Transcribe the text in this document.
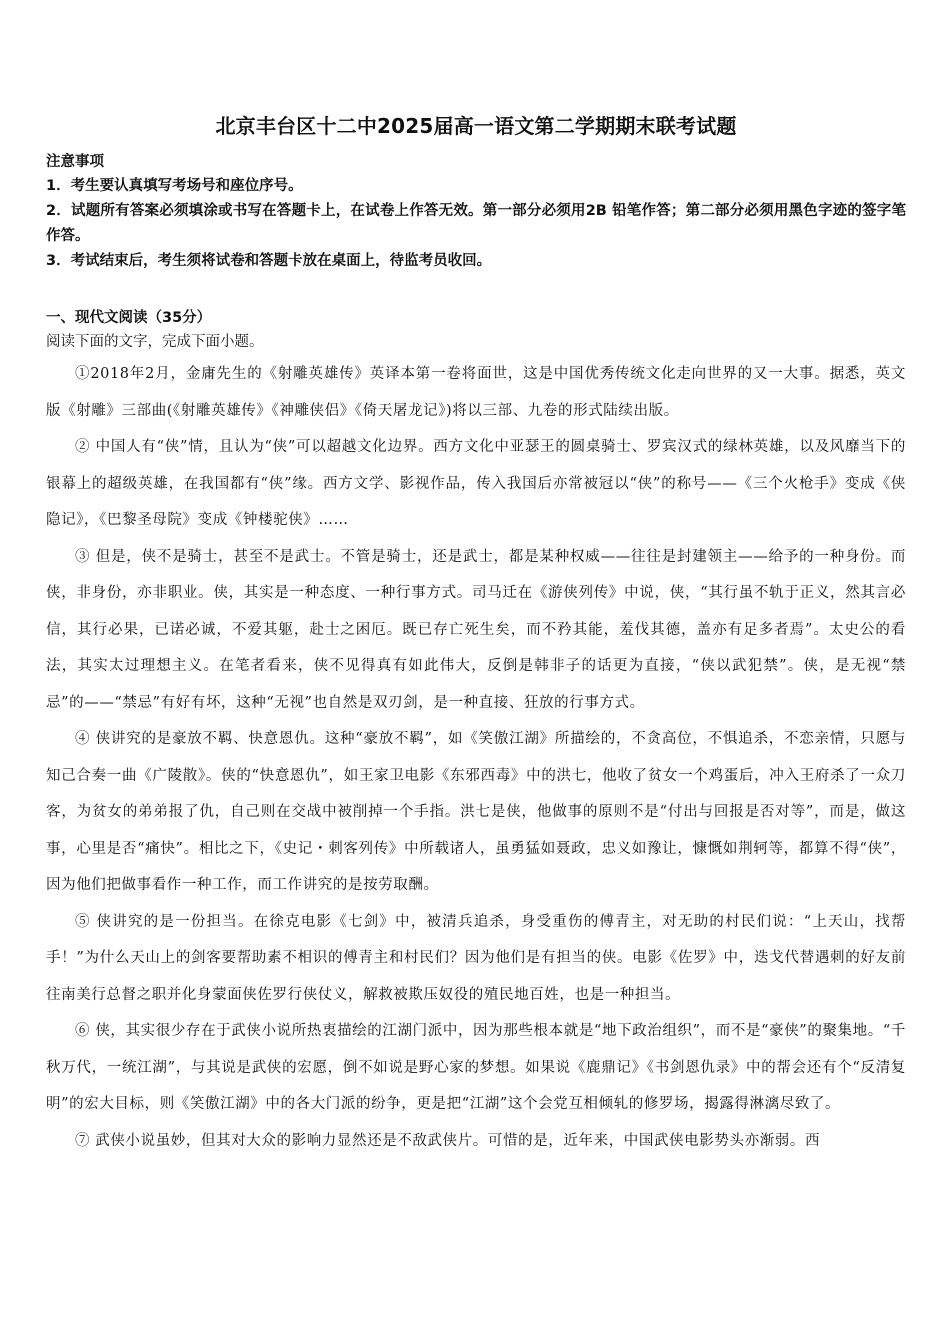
北京丰台区十二中2025届高一语文第二学期期末联考试题

注意事项

1．考生要认真填写考场号和座位序号。

2．试题所有答案必须填涂或书写在答题卡上，在试卷上作答无效。第一部分必须用2B 铅笔作答；第二部分必须用黑色字迹的签字笔作答。

3．考试结束后，考生须将试卷和答题卡放在桌面上，待监考员收回。

一、现代文阅读（35分）

阅读下面的文字，完成下面小题。

①2018年2月，金庸先生的《射雕英雄传》英译本第一卷将面世，这是中国优秀传统文化走向世界的又一大事。据悉，英文版《射雕》三部曲(《射雕英雄传》《神雕侠侣》《倚天屠龙记》)将以三部、九卷的形式陆续出版。

② 中国人有“侠”情，且认为“侠”可以超越文化边界。西方文化中亚瑟王的圆桌骑士、罗宾汉式的绿林英雄，以及风靡当下的银幕上的超级英雄，在我国都有“侠”缘。西方文学、影视作品，传入我国后亦常被冠以“侠”的称号——《三个火枪手》变成《侠隐记》，《巴黎圣母院》变成《钟楼驼侠》……

③ 但是，侠不是骑士，甚至不是武士。不管是骑士，还是武士，都是某种权威——往往是封建领主——给予的一种身份。而侠，非身份，亦非职业。侠，其实是一种态度、一种行事方式。司马迁在《游侠列传》中说，侠，“其行虽不轨于正义，然其言必信，其行必果，已诺必诚，不爱其躯，赴士之困厄。既已存亡死生矣，而不矜其能，羞伐其德，盖亦有足多者焉”。太史公的看法，其实太过理想主义。在笔者看来，侠不见得真有如此伟大，反倒是韩非子的话更为直接，“侠以武犯禁”。侠，是无视“禁忌”的——“禁忌”有好有坏，这种“无视”也自然是双刃剑，是一种直接、狂放的行事方式。

④ 侠讲究的是豪放不羁、快意恩仇。这种“豪放不羁”，如《笑傲江湖》所描绘的，不贪高位，不惧追杀，不恋亲情，只愿与知己合奏一曲《广陵散》。侠的“快意恩仇”，如王家卫电影《东邪西毒》中的洪七，他收了贫女一个鸡蛋后，冲入王府杀了一众刀客，为贫女的弟弟报了仇，自己则在交战中被削掉一个手指。洪七是侠，他做事的原则不是“付出与回报是否对等”，而是，做这事，心里是否“痛快”。相比之下，《史记・刺客列传》中所载诸人，虽勇猛如聂政，忠义如豫让，慷慨如荆轲等，都算不得“侠”，因为他们把做事看作一种工作，而工作讲究的是按劳取酬。

⑤ 侠讲究的是一份担当。在徐克电影《七剑》中，被清兵追杀，身受重伤的傅青主，对无助的村民们说：“上天山，找帮手！”为什么天山上的剑客要帮助素不相识的傅青主和村民们？因为他们是有担当的侠。电影《佐罗》中，迭戈代替遇刺的好友前往南美行总督之职并化身蒙面侠佐罗行侠仗义，解救被欺压奴役的殖民地百姓，也是一种担当。

⑥ 侠，其实很少存在于武侠小说所热衷描绘的江湖门派中，因为那些根本就是“地下政治组织”，而不是“豪侠”的聚集地。“千秋万代，一统江湖”，与其说是武侠的宏愿，倒不如说是野心家的梦想。如果说《鹿鼎记》《书剑恩仇录》中的帮会还有个“反清复明”的宏大目标，则《笑傲江湖》中的各大门派的纷争，更是把“江湖”这个会党互相倾轧的修罗场，揭露得淋漓尽致了。

⑦ 武侠小说虽妙，但其对大众的影响力显然还是不敌武侠片。可惜的是，近年来，中国武侠电影势头亦渐弱。西
